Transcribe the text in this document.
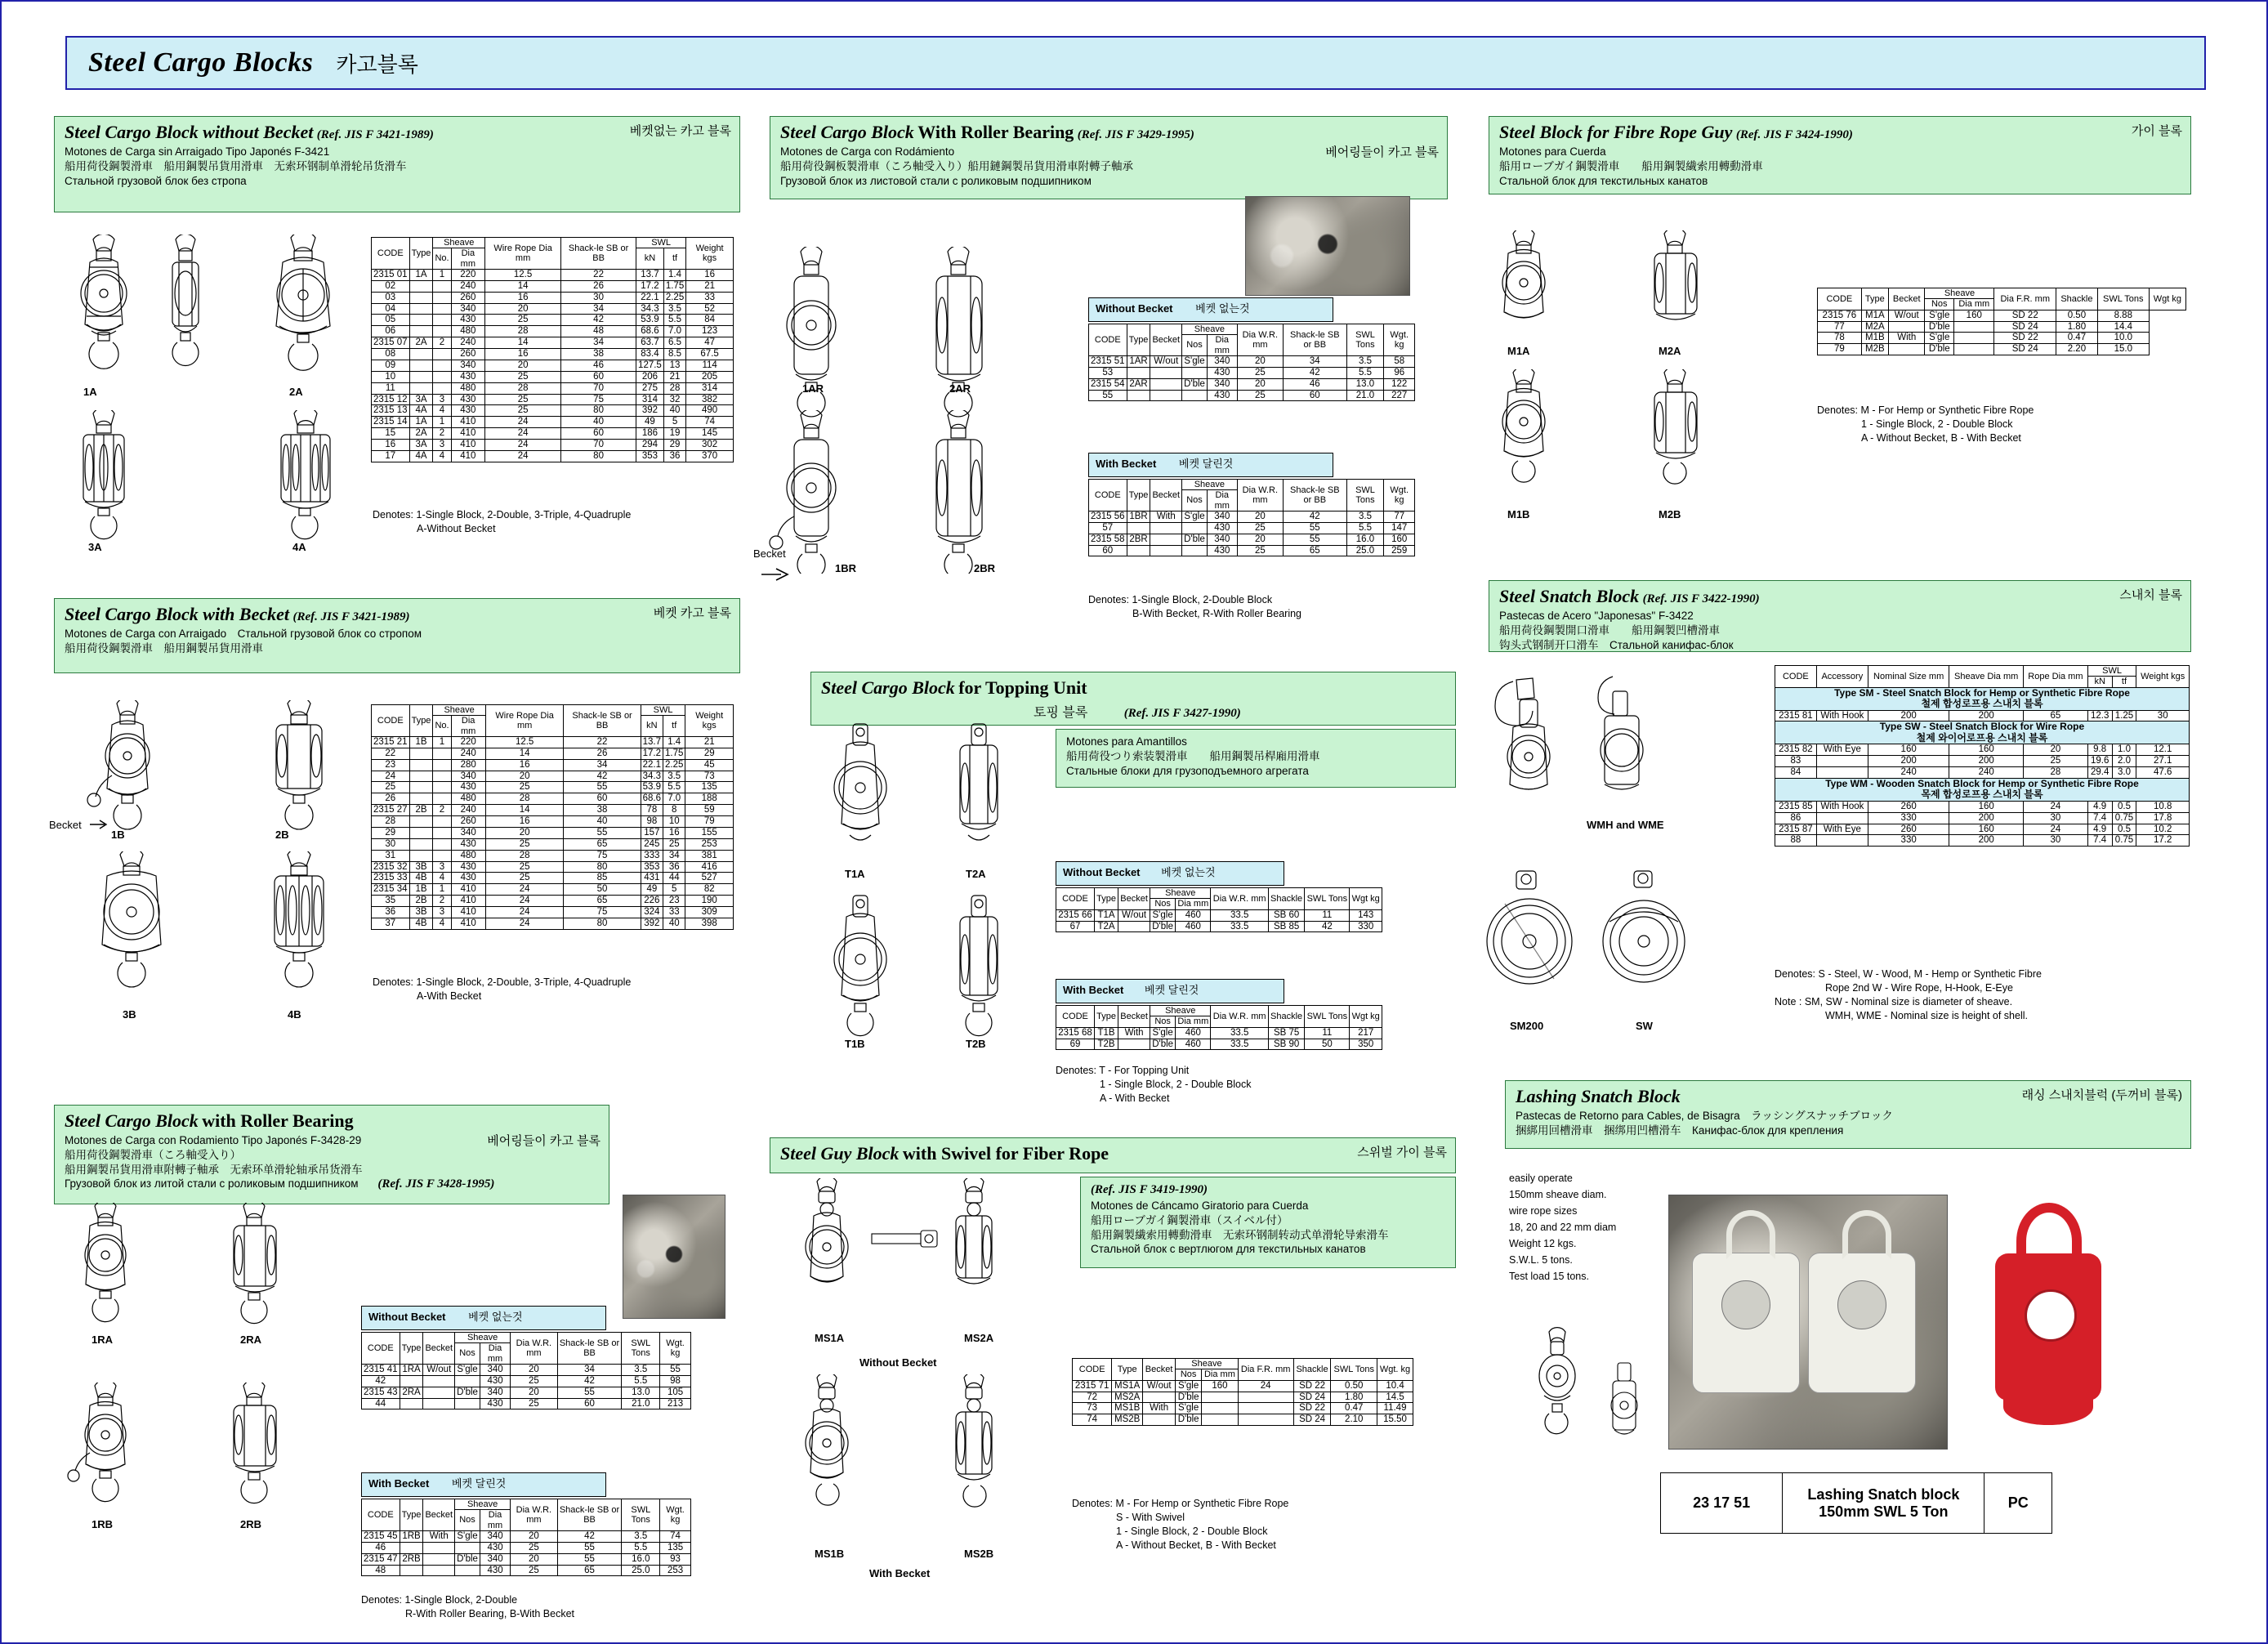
Steel Cargo Blocks 카고블록
Steel Cargo Block without Becket (Ref. JIS F 3421-1989)	베켓없는 카고 블록
Motones de Carga sin Arraigado Tipo Japonés F-3421
船用荷役鋼製滑車　船用鋼製吊貨用滑車　无索环钢制单滑轮吊货滑车
Стальной грузовой блок без стропа
1A	2A
3A	4A
CODE	Type	Sheave		Wire Rope Dia mm	Shack-le SB or BB	SWL		Weight kgs
		No.	Dia mm			kN	tf	
2315 01	1A	1	220	12.5	22	13.7	1.4	16
02			240	14	26	17.2	1.75	21
03			260	16	30	22.1	2.25	33
04			340	20	34	34.3	3.5	52
05			430	25	42	53.9	5.5	84
06			480	28	48	68.6	7.0	123
2315 07	2A	2	240	14	34	63.7	6.5	47
08			260	16	38	83.4	8.5	67.5
09			340	20	46	127.5	13	114
10			430	25	60	206	21	205
11			480	28	70	275	28	314
2315 12	3A	3	430	25	75	314	32	382
2315 13	4A	4	430	25	80	392	40	490
2315 14	1A	1	410	24	40	49	5	74
15	2A	2	410	24	60	186	19	145
16	3A	3	410	24	70	294	29	302
17	4A	4	410	24	80	353	36	370
Denotes: 1-Single Block, 2-Double, 3-Triple, 4-Quadruple
A-Without Becket
Steel Cargo Block with Becket (Ref. JIS F 3421-1989)	베켓 카고 블록
Motones de Carga con Arraigado　Стальной грузовой блок со стропом
船用荷役鋼製滑車　船用鋼製吊貨用滑車
1B	2B
3B	4B
Becket
CODE	Type	Sheave		Wire Rope Dia mm	Shack-le SB or BB	SWL		Weight kgs
		No.	Dia mm			kN	tf	
2315 21	1B	1	220	12.5	22	13.7	1.4	21
22			240	14	26	17.2	1.75	29
23			280	16	34	22.1	2.25	45
24			340	20	42	34.3	3.5	73
25			430	25	55	53.9	5.5	135
26			480	28	60	68.6	7.0	188
2315 27	2B	2	240	14	38	78	8	59
28			260	16	40	98	10	79
29			340	20	55	157	16	155
30			430	25	65	245	25	253
31			480	28	75	333	34	381
2315 32	3B	3	430	25	80	353	36	416
2315 33	4B	4	430	25	85	431	44	527
2315 34	1B	1	410	24	50	49	5	82
35	2B	2	410	24	65	226	23	190
36	3B	3	410	24	75	324	33	309
37	4B	4	410	24	80	392	40	398
Denotes: 1-Single Block, 2-Double, 3-Triple, 4-Quadruple
A-With Becket
Steel Cargo Block with Roller Bearing
Motones de Carga con Rodamiento Tipo Japonés F-3428-29	베어링들이 카고 블록
船用荷役鋼製滑車（ころ軸受入り）
船用鋼製吊貨用滑車附轉子軸承　无索环单滑轮轴承吊货滑车
Грузовой блок из литой стали с роликовым подшипником (Ref. JIS F 3428-1995)
1RA	2RA
1RB	2RB
Without Becket 베켓 없는것
CODE	Type	Becket	Sheave		Dia W.R. mm	Shack-le SB or BB	SWL Tons	Wgt. kg
			Nos	Dia mm				
2315 41	1RA	W/out	S'gle	340	20	34	3.5	55
42				430	25	42	5.5	98
2315 43	2RA		D'ble	340	20	55	13.0	105
44				430	25	60	21.0	213
With Becket 베켓 달린것
CODE	Type	Becket	Sheave		Dia W.R. mm	Shack-le SB or BB	SWL Tons	Wgt. kg
			Nos	Dia mm				
2315 45	1RB	With	S'gle	340	20	42	3.5	74
46				430	25	55	5.5	135
2315 47	2RB		D'ble	340	20	55	16.0	93
48				430	25	65	25.0	253
Denotes: 1-Single Block, 2-Double
R-With Roller Bearing, B-With Becket
Steel Cargo Block With Roller Bearing (Ref. JIS F 3429-1995)
Motones de Carga con Rodámiento	베어링들이 카고 블록
船用荷役鋼板製滑車（ころ軸受入り）船用鏈鋼製吊貨用滑車附轉子軸承
Грузовой блок из листовой стали с роликовым подшипником
1AR	2AR
1BR	2BR
Becket
Without Becket 베켓 없는것
CODE	Type	Becket	Sheave		Dia W.R. mm	Shack-le SB or BB	SWL Tons	Wgt. kg
			Nos	Dia mm				
2315 51	1AR	W/out	S'gle	340	20	34	3.5	58
53				430	25	42	5.5	96
2315 54	2AR		D'ble	340	20	46	13.0	122
55				430	25	60	21.0	227
With Becket 베켓 달린것
CODE	Type	Becket	Sheave		Dia W.R. mm	Shack-le SB or BB	SWL Tons	Wgt. kg
			Nos	Dia mm				
2315 56	1BR	With	S'gle	340	20	42	3.5	77
57				430	25	55	5.5	147
2315 58	2BR		D'ble	340	20	55	16.0	160
60				430	25	65	25.0	259
Denotes: 1-Single Block, 2-Double Block
B-With Becket, R-With Roller Bearing
Steel Cargo Block for Topping Unit
토핑 블록	(Ref. JIS F 3427-1990)
Motones para Amantillos
船用荷役つり索装製滑車　　船用鋼製吊桿廂用滑車
Стальные блоки для грузоподъемного агрегата
T1A	T2A
T1B	T2B
Without Becket 베켓 없는것
CODE	Type	Becket	Sheave		Dia W.R. mm	Shackle	SWL Tons	Wgt kg
			Nos	Dia mm				
2315 66	T1A	W/out	S'gle	460	33.5	SB 60	11	143
67	T2A		D'ble	460	33.5	SB 85	42	330
With Becket 베켓 달린것
CODE	Type	Becket	Sheave		Dia W.R. mm	Shackle	SWL Tons	Wgt kg
			Nos	Dia mm				
2315 68	T1B	With	S'gle	460	33.5	SB 75	11	217
69	T2B		D'ble	460	33.5	SB 90	50	350
Denotes: T - For Topping Unit
1 - Single Block, 2 - Double Block
A - With Becket
Steel Guy Block with Swivel for Fiber Rope	스위벌 가이 블록
(Ref. JIS F 3419-1990)
Motones de Cáncamo Giratorio para Cuerda
船用ローブガイ鋼製滑車（スイベル付）
船用鋼製繊索用轉動滑車　无索环钢制转动式单滑轮导索滑车
Стальной блок с вертлюгом для текстильных канатов
MS1A	MS2A
Without Becket
MS1B	MS2B
With Becket
CODE	Type	Becket	Sheave		Dia F.R. mm	Shackle	SWL Tons	Wgt. kg
			Nos	Dia mm				
2315 71	MS1A	W/out	S'gle	160	24	SD 22	0.50	10.4
72	MS2A		D'ble			SD 24	1.80	14.5
73	MS1B	With	S'gle			SD 22	0.47	11.49
74	MS2B		D'ble			SD 24	2.10	15.50
Denotes: M - For Hemp or Synthetic Fibre Rope
S - With Swivel
1 - Single Block, 2 - Double Block
A - Without Becket, B - With Becket
Steel Block for Fibre Rope Guy (Ref. JIS F 3424-1990)	가이 블록
Motones para Cuerda
船用ローブガイ鋼製滑車　　船用鋼製繊索用轉動滑車
Стальной блок для текстильных канатов
M1A	M2A
M1B	M2B
CODE	Type	Becket	Sheave		Dia F.R. mm	Shackle	SWL Tons	Wgt kg
			Nos	Dia mm				
2315 76	M1A	W/out	S'gle	160	SD 22	0.50	8.88	
77	M2A		D'ble		SD 24	1.80	14.4	
78	M1B	With	S'gle		SD 22	0.47	10.0	
79	M2B		D'ble		SD 24	2.20	15.0	
Denotes: M - For Hemp or Synthetic Fibre Rope
1 - Single Block, 2 - Double Block
A - Without Becket, B - With Becket
Steel Snatch Block (Ref. JIS F 3422-1990)	스내치 블록
Pastecas de Acero "Japonesas" F-3422
船用荷役鋼製開口滑車　　船用鋼製凹槽滑車
钩头式钢制开口滑车　Стальной канифас-блок
WMH and WME
SM200	SW
CODE	Accessory	Nominal Size mm	Sheave Dia mm	Rope Dia mm	SWL		Weight kgs
					kN	tf	

Type SM - Steel Snatch Block for Hemp or Synthetic Fibre Rope
철제 합성로프용 스내치 블록							

2315 81	With Hook	200	200	65	12.3	1.25	30

Type SW - Steel Snatch Block for Wire Rope
철제 와이어로프용 스내치 블록							

2315 82	With Eye	160	160	20	9.8	1.0	12.1
83		200	200	25	19.6	2.0	27.1
84		240	240	28	29.4	3.0	47.6

Type WM - Wooden Snatch Block for Hemp or Synthetic Fibre Rope
목제 합성로프용 스내치 블록							

2315 85	With Hook	260	160	24	4.9	0.5	10.8
86		330	200	30	7.4	0.75	17.8
2315 87	With Eye	260	160	24	4.9	0.5	10.2
88		330	200	30	7.4	0.75	17.2
Denotes: S - Steel, W - Wood, M - Hemp or Synthetic Fibre
Rope 2nd W - Wire Rope, H-Hook, E-Eye
Note : SM, SW - Nominal size is diameter of sheave.
WMH, WME - Nominal size is height of shell.
Lashing Snatch Block	래싱 스내치블럭 (두꺼비 블록)
Pastecas de Retorno para Cables, de Bisagra　ラッシングスナッチブロック
捆綁用回槽滑車　捆绑用凹槽滑车　Канифас-блок для крепления
easily operate
150mm sheave diam.
wire rope sizes
18, 20 and 22 mm diam
Weight 12 kgs.
S.W.L. 5 tons.
Test load 15 tons.
23 17 51	
Lashing Snatch block
150mm SWL 5 Ton
	PC
